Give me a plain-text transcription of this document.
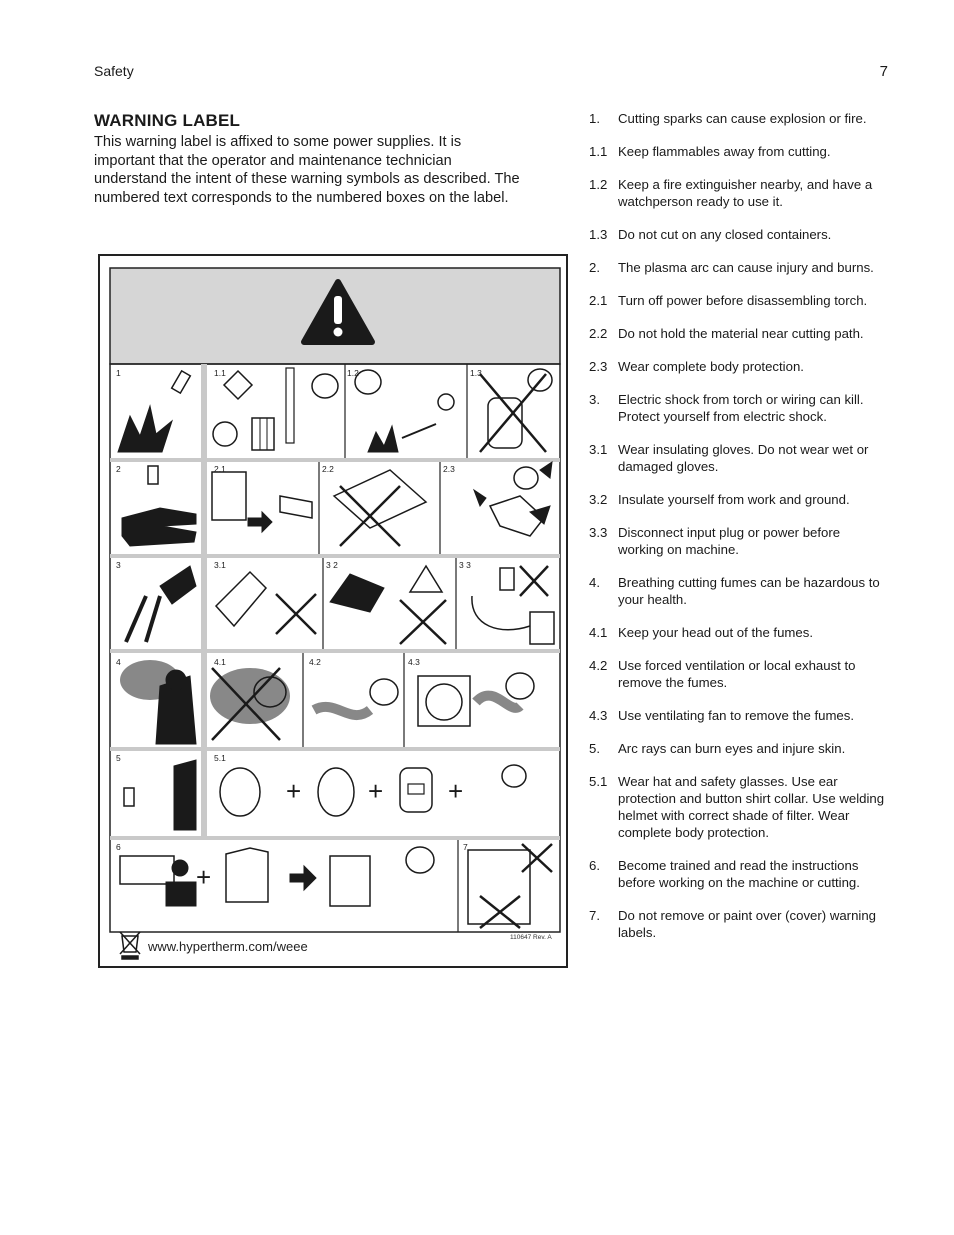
Safety	7
WARNING LABEL
This warning label is affixed to some power supplies. It is important that the operator and maintenance technician understand the intent of these warning symbols as described. The numbered text corresponds to the numbered boxes on the label.
+	+ +
+
1	1.1	1.2	1.3
2	2.1	2.2	2.3
3	3.1	3 2	3 3
4	4.1	4.2	4.3
5	5.1
6	7
www.hypertherm.com/weee
110647 Rev. A
1.	Cutting sparks can cause explosion or fire.
1.1 Keep flammables away from cutting.
1.2 Keep a fire extinguisher nearby, and have a watchperson ready to use it.
1.3 Do not cut on any closed containers.
2.	The plasma arc can cause injury and burns.
2.1 Turn off power before disassembling torch.
2.2 Do not hold the material near cutting path.
2.3 Wear complete body protection.
3.	Electric shock from torch or wiring can kill. Protect yourself from electric shock.
3.1 Wear insulating gloves. Do not wear wet or damaged gloves.
3.2 Insulate yourself from work and ground.
3.3 Disconnect input plug or power before working on machine.
4.	Breathing cutting fumes can be hazardous to your health.
4.1 Keep your head out of the fumes.
4.2 Use forced ventilation or local exhaust to remove the fumes.
4.3 Use ventilating fan to remove the fumes.
5.	Arc rays can burn eyes and injure skin.
5.1 Wear hat and safety glasses. Use ear protection and button shirt collar. Use welding helmet with correct shade of filter. Wear complete body protection.
6.	Become trained and read the instructions before working on the machine or cutting.
7.	Do not remove or paint over (cover) warning labels.
